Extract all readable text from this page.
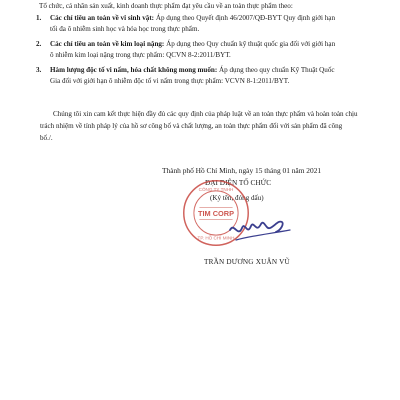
Tổ chức, cá nhân sản xuất, kinh doanh thực phẩm đạt yêu cầu về an toàn thực phẩm theo:
1. Các chỉ tiêu an toàn về vi sinh vật: Áp dụng theo Quyết định 46/2007/QĐ-BYT Quy định giới hạn
tối đa ô nhiễm sinh học và hóa học trong thực phẩm.
2. Các chỉ tiêu an toàn về kim loại nặng: Áp dụng theo Quy chuẩn kỹ thuật quốc gia đối với giới hạn
ô nhiễm kim loại nặng trong thực phẩm: QCVN 8-2:2011/BYT.
3. Hàm lượng độc tố vi nấm, hóa chất không mong muốn: Áp dụng theo quy chuẩn Kỹ Thuật Quốc
Gia đối với giới hạn ô nhiễm độc tố vi nấm trong thực phẩm: VCVN 8-1:2011/BYT.
Chúng tôi xin cam kết thực hiện đầy đủ các quy định của pháp luật về an toàn thực phẩm và hoàn toàn chịu
trách nhiệm về tính pháp lý của hồ sơ công bố và chất lượng, an toàn thực phẩm đối với sản phẩm đã công
bố./.
Thành phố Hồ Chí Minh, ngày 15 tháng 01 năm 2021
ĐẠI DIỆN TỔ CHỨC
(Ký tên, đóng dấu)
CÔNG TY TNHH
TIM CORP
TP. HỒ CHÍ MINH
TRẦN DƯƠNG XUÂN VŨ
